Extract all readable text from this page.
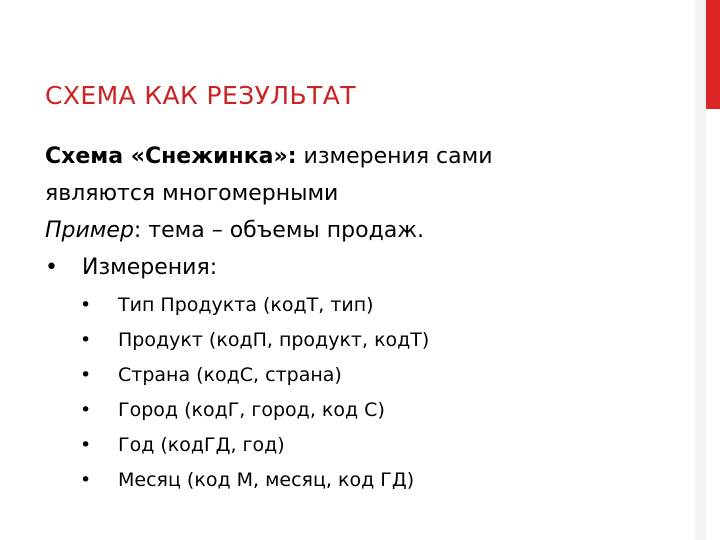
СХЕМА КАК РЕЗУЛЬТАТ

Схема «Снежинка»: измерения сами

являются многомерными

Пример: тема – объемы продаж.

•	Измерения:

•	Тип Продукта (кодТ, тип)
•	Продукт (кодП, продукт, кодТ)
•	Страна (кодС, страна)
•	Город (кодГ, город, код С)
•	Год (кодГД, год)
•	Месяц (код М, месяц, код ГД)
